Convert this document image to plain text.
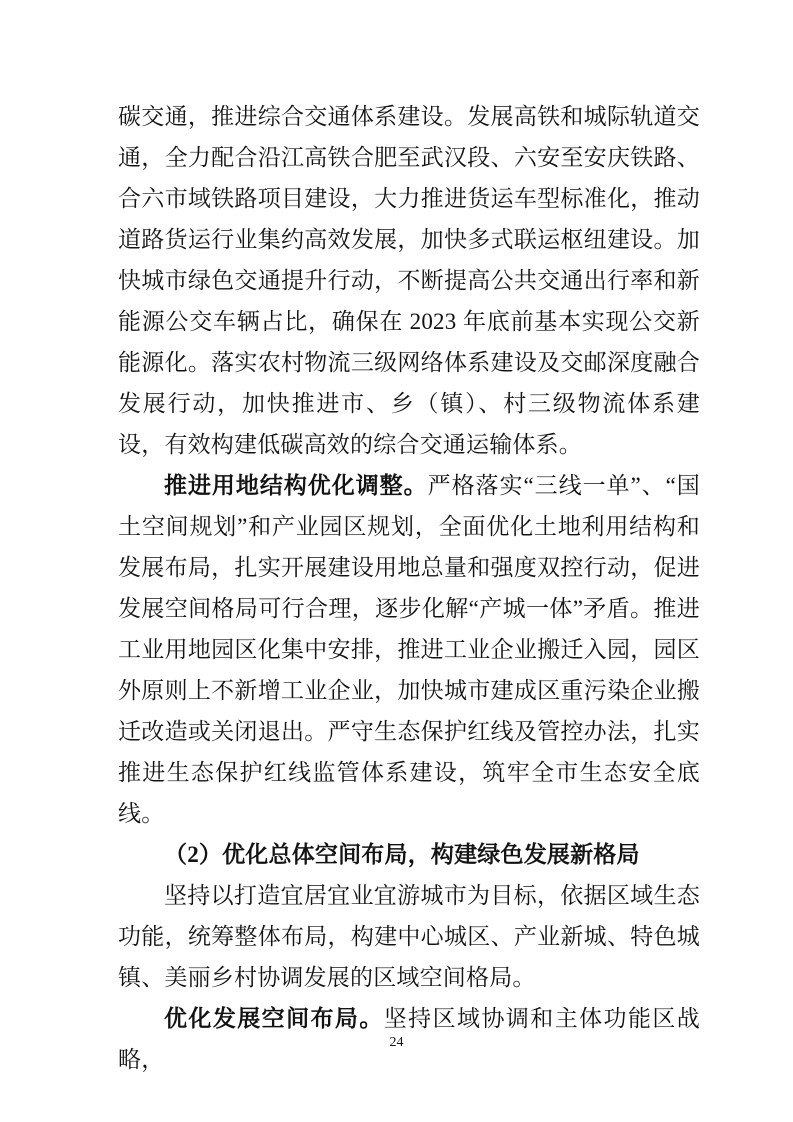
碳交通，推进综合交通体系建设。发展高铁和城际轨道交通，全力配合沿江高铁合肥至武汉段、六安至安庆铁路、合六市域铁路项目建设，大力推进货运车型标准化，推动道路货运行业集约高效发展，加快多式联运枢纽建设。加快城市绿色交通提升行动，不断提高公共交通出行率和新能源公交车辆占比，确保在 2023 年底前基本实现公交新能源化。落实农村物流三级网络体系建设及交邮深度融合发展行动，加快推进市、乡（镇）、村三级物流体系建设，有效构建低碳高效的综合交通运输体系。

推进用地结构优化调整。严格落实“三线一单”、“国土空间规划”和产业园区规划，全面优化土地利用结构和发展布局，扎实开展建设用地总量和强度双控行动，促进发展空间格局可行合理，逐步化解“产城一体”矛盾。推进工业用地园区化集中安排，推进工业企业搬迁入园，园区外原则上不新增工业企业，加快城市建成区重污染企业搬迁改造或关闭退出。严守生态保护红线及管控办法，扎实推进生态保护红线监管体系建设，筑牢全市生态安全底线。

（2）优化总体空间布局，构建绿色发展新格局

坚持以打造宜居宜业宜游城市为目标，依据区域生态功能，统筹整体布局，构建中心城区、产业新城、特色城镇、美丽乡村协调发展的区域空间格局。

优化发展空间布局。坚持区域协调和主体功能区战略，

24
